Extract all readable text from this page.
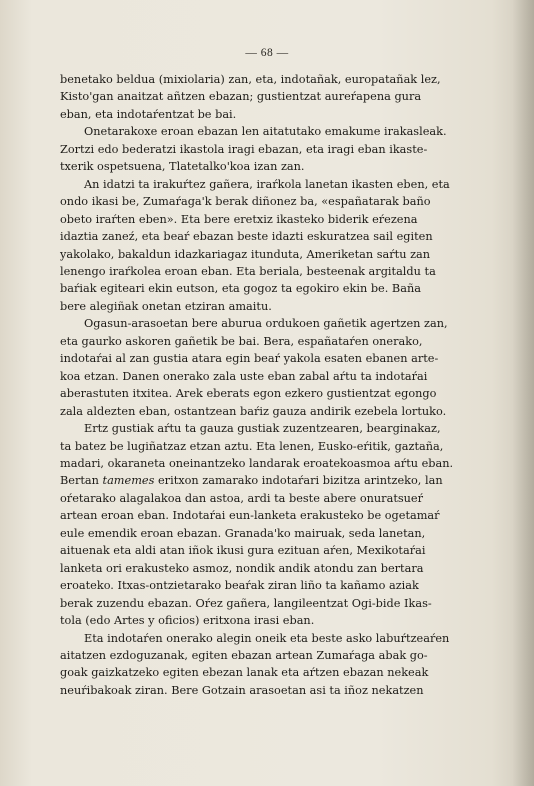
— 68 —

benetako beldua (mixiolaria) zan, eta, indotañak, europatañak lez,
Kisto'gan anaitzat añtzen ebazan; gustientzat aureŕapena gura
eban, eta indotaŕentzat be bai.

Onetarakoxe eroan ebazan len aitatutako emakume irakasleak.
Zortzi edo bederatzi ikastola iragi ebazan, eta iragi eban ikaste-
txerik ospetsuena, Tlatetalko'koa izan zan.

An idatzi ta irakuŕtez gañera, iraŕkola lanetan ikasten eben, eta
ondo ikasi be, Zumaŕaga'k berak diñonez ba, «españatarak baño
obeto iraŕten eben». Eta bere eretxiz ikasteko biderik eŕezena
idaztia zaneź, eta beaŕ ebazan beste idazti eskuratzea sail egiten
yakolako, bakaldun idazkariagaz itunduta, Ameriketan saŕtu zan
lenengo iraŕkolea eroan eban. Eta beriala, besteenak argitaldu ta
baŕiak egiteari ekin eutson, eta gogoz ta egokiro ekin be. Baña
bere alegiñak onetan etziran amaitu.

Ogasun-arasoetan bere aburua ordukoen gañetik agertzen zan,
eta gaurko askoren gañetik be bai. Bera, españataŕen onerako,
indotaŕai al zan gustia atara egin beaŕ yakola esaten ebanen arte-
koa etzan. Danen onerako zala uste eban zabal aŕtu ta indotaŕai
aberastuten itxitea. Arek eberats egon ezkero gustientzat egongo
zala aldezten eban, ostantzean baŕiz gauza andirik ezebela lortuko.

Ertz gustiak aŕtu ta gauza gustiak zuzentzearen, bearginakaz,
ta batez be lugiñatzaz etzan aztu. Eta lenen, Eusko-eŕitik, gaztaña,
madari, okaraneta oneinantzeko landarak eroatekoasmoa aŕtu eban.
Bertan tamemes eritxon zamarako indotaŕari bizitza arintzeko, lan
oŕetarako alagalakoa dan astoa, ardi ta beste abere onuratsueŕ
artean eroan eban. Indotaŕai eun-lanketa erakusteko be ogetamaŕ
eule emendik eroan ebazan. Granada'ko mairuak, seda lanetan,
aituenak eta aldi atan iñok ikusi gura ezituan aŕen, Mexikotaŕai
lanketa ori erakusteko asmoz, nondik andik atondu zan bertara
eroateko. Itxas-ontzietarako beaŕak ziran liño ta kañamo aziak
berak zuzendu ebazan. Oŕez gañera, langileentzat Ogi-bide Ikas-
tola (edo Artes y oficios) eritxona irasi eban.

Eta indotaŕen onerako alegin oneik eta beste asko labuŕtzeaŕen
aitatzen ezdoguzanak, egiten ebazan artean Zumaŕaga abak go-
goak gaizkatzeko egiten ebezan lanak eta aŕtzen ebazan nekeak
neuŕibakoak ziran. Bere Gotzain arasoetan asi ta iñoz nekatzen
